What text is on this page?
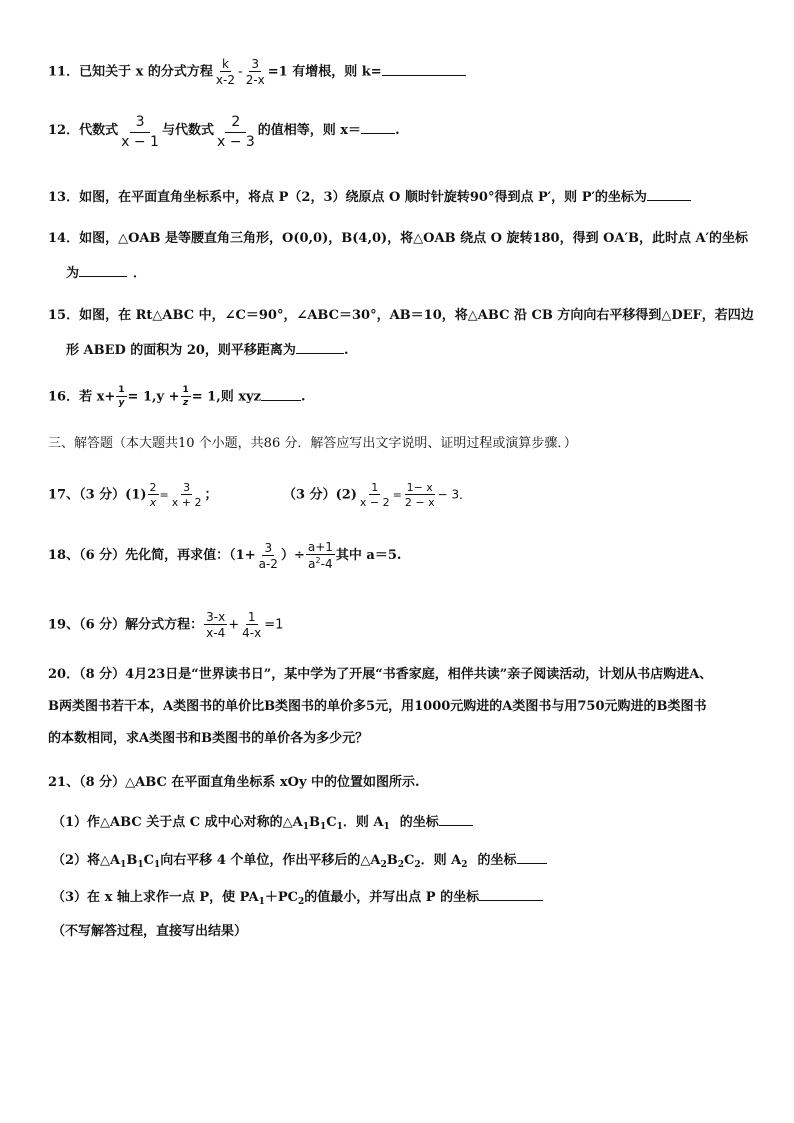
11．已知关于 x 的分式方程 $\frac{k}{x-2} - \frac{3}{2-x} =1$ 有增根，则 k=
12．代数式 $\frac{3}{x - 1}$ 与代数式 $\frac{2}{x - 3}$ 的值相等，则 x＝	.
13．如图，在平面直角坐标系中，将点 P（2，3）绕原点 O 顺时针旋转90°得到点 P′，则 P′的坐标为
14．如图，△OAB 是等腰直角三角形，O(0,0)，B(4,0)，将△OAB 绕点 O 旋转180，得到 OA′B，此时点 A′的坐标
为	．
15．如图，在 Rt△ABC 中，∠C＝90°，∠ABC＝30°，AB＝10，将△ABC 沿 CB 方向向右平移得到△DEF，若四边
形 ABED 的面积为 20，则平移距离为	.
16．若 $x+ \frac{1}{y} = 1,y + \frac{1}{z} = 1$,则 xyz	.
三、解答题（本大题共10 个小题，共86 分．解答应写出文字说明、证明过程或演算步骤．）
17、（3 分）$(1) \frac{2}{x} = \frac{3}{x + 2}$ ；	（3 分）$(2) \frac{1}{x - 2} = \frac{1- x}{2 - x} - 3$．
18、（6 分）先化简，再求值：（$1+ \frac{3}{a-2}$ ）÷ $\frac{a+1}{a^2-4}$ 其中 a＝5.
19、（6 分）解分式方程： $\frac{3-x}{x-4} + \frac{1}{4-x} =1$
20．（8 分）4月23日是“世界读书日”，某中学为了开展“书香家庭，相伴共读”亲子阅读活动，计划从书店购进A、
B两类图书若干本，A类图书的单价比B类图书的单价多5元，用1000元购进的A类图书与用750元购进的B类图书
的本数相同，求A类图书和B类图书的单价各为多少元？
21、（8 分）△ABC 在平面直角坐标系 xOy 中的位置如图所示.
（1）作△ABC 关于点 C 成中心对称的$\triangle A_1B_1C_1$．则 $A_1$ 的坐标
（2）将$\triangle A_1B_1C_1$向右平移 4 个单位，作出平移后的$\triangle A_2B_2C_2$．则 $A_2$ 的坐标
（3）在 x 轴上求作一点 P，使 $PA_1+PC_2$的值最小，并写出点 P 的坐标
（不写解答过程，直接写出结果）
